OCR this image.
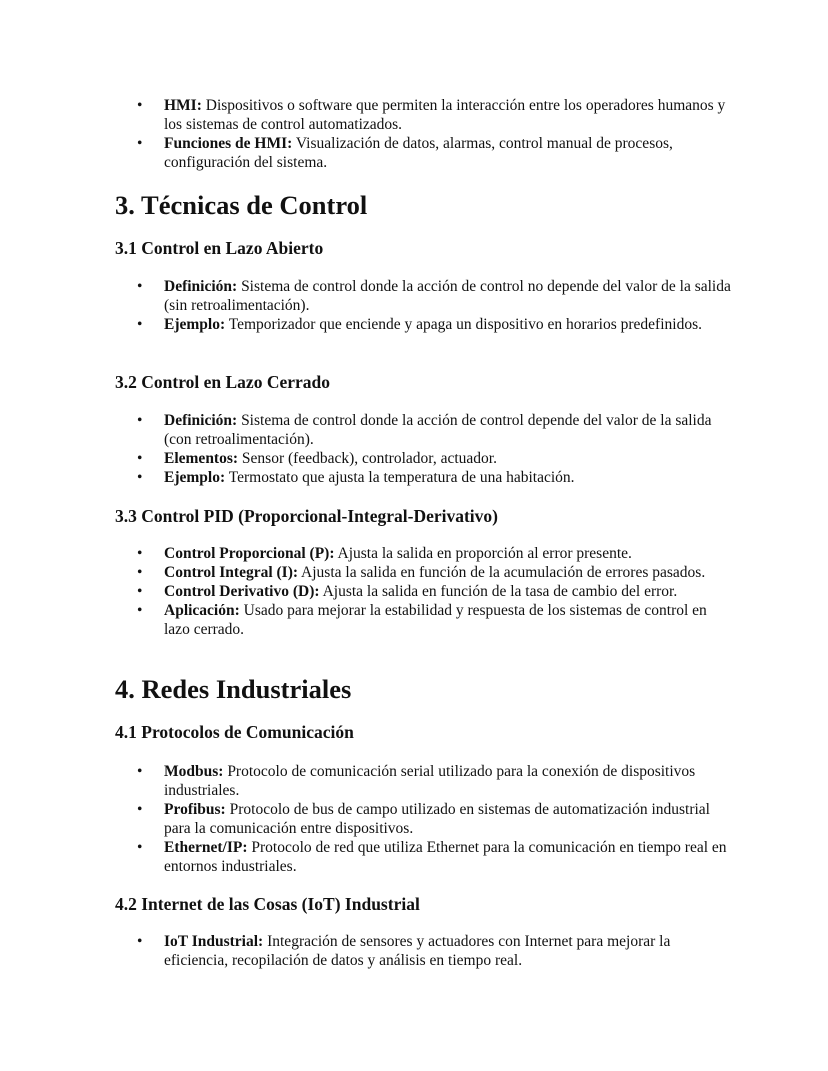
• HMI: Dispositivos o software que permiten la interacción entre los operadores humanos y los sistemas de control automatizados.
• Funciones de HMI: Visualización de datos, alarmas, control manual de procesos, configuración del sistema.
3. Técnicas de Control
3.1 Control en Lazo Abierto
• Definición: Sistema de control donde la acción de control no depende del valor de la salida (sin retroalimentación).
• Ejemplo: Temporizador que enciende y apaga un dispositivo en horarios predefinidos.
3.2 Control en Lazo Cerrado
• Definición: Sistema de control donde la acción de control depende del valor de la salida (con retroalimentación).
• Elementos: Sensor (feedback), controlador, actuador.
• Ejemplo: Termostato que ajusta la temperatura de una habitación.
3.3 Control PID (Proporcional-Integral-Derivativo)
• Control Proporcional (P): Ajusta la salida en proporción al error presente.
• Control Integral (I): Ajusta la salida en función de la acumulación de errores pasados.
• Control Derivativo (D): Ajusta la salida en función de la tasa de cambio del error.
• Aplicación: Usado para mejorar la estabilidad y respuesta de los sistemas de control en lazo cerrado.
4. Redes Industriales
4.1 Protocolos de Comunicación
• Modbus: Protocolo de comunicación serial utilizado para la conexión de dispositivos industriales.
• Profibus: Protocolo de bus de campo utilizado en sistemas de automatización industrial para la comunicación entre dispositivos.
• Ethernet/IP: Protocolo de red que utiliza Ethernet para la comunicación en tiempo real en entornos industriales.
4.2 Internet de las Cosas (IoT) Industrial
• IoT Industrial: Integración de sensores y actuadores con Internet para mejorar la eficiencia, recopilación de datos y análisis en tiempo real.
